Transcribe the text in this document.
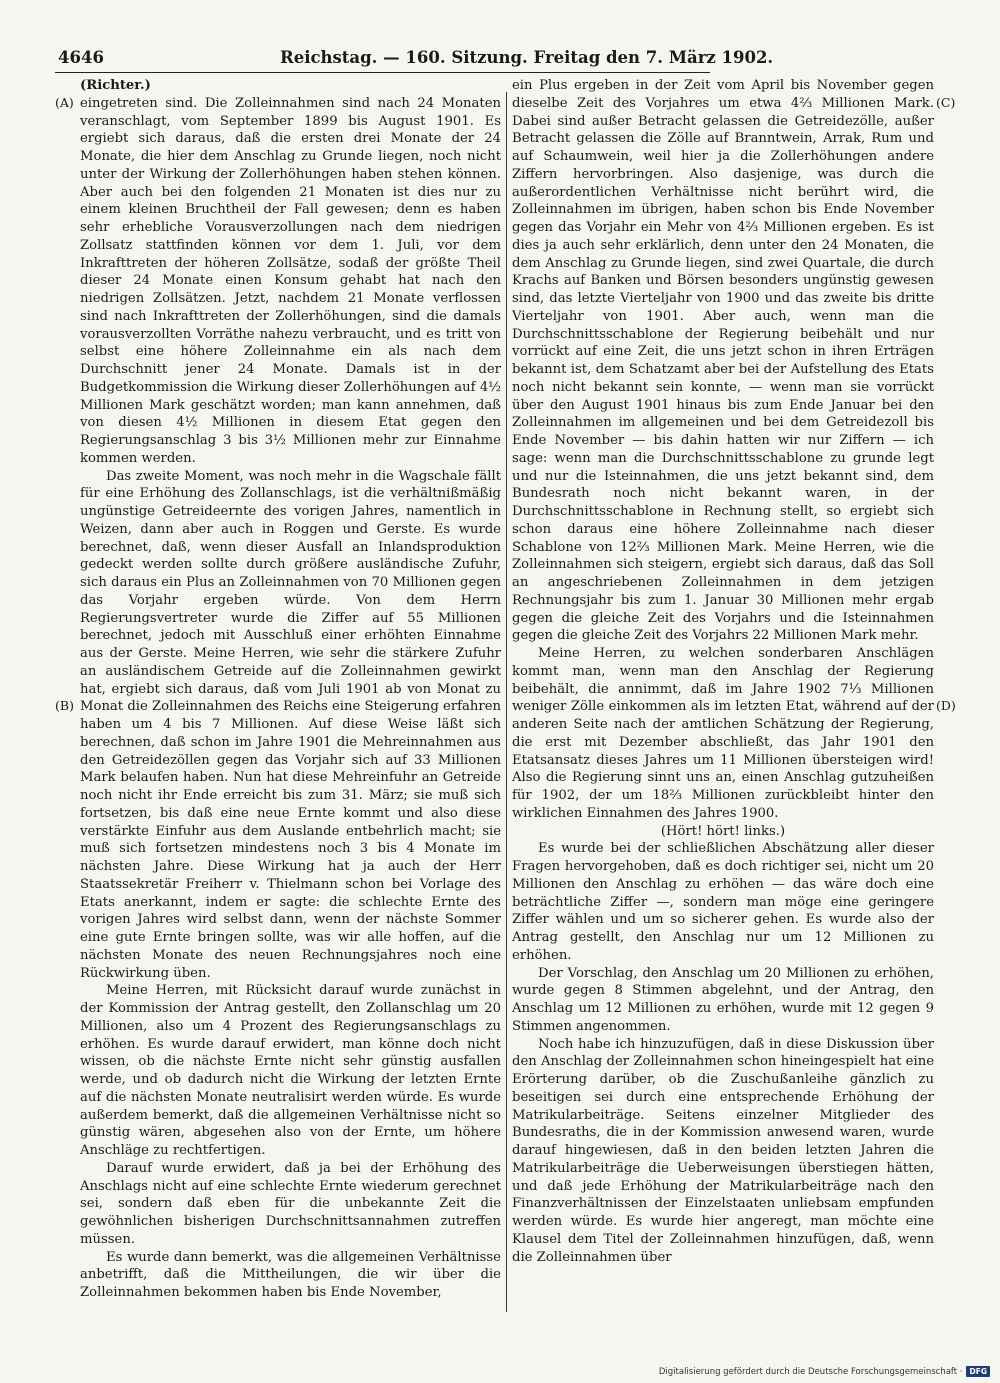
4646	Reichstag. — 160. Sitzung. Freitag den 7. März 1902.
(A)
(B)
(C)
(D)

(Richter.)

eingetreten sind. Die Zolleinnahmen sind nach 24 Monaten veranschlagt, vom September 1899 bis August 1901. Es ergiebt sich daraus, daß die ersten drei Monate der 24 Monate, die hier dem Anschlag zu Grunde liegen, noch nicht unter der Wirkung der Zollerhöhungen haben stehen können. Aber auch bei den folgenden 21 Monaten ist dies nur zu einem kleinen Bruchtheil der Fall gewesen; denn es haben sehr erhebliche Vorausverzollungen nach dem niedrigen Zollsatz stattfinden können vor dem 1. Juli, vor dem Inkrafttreten der höheren Zollsätze, sodaß der größte Theil dieser 24 Monate einen Konsum gehabt hat nach den niedrigen Zollsätzen. Jetzt, nachdem 21 Monate verflossen sind nach Inkrafttreten der Zollerhöhungen, sind die damals vorausverzollten Vorräthe nahezu verbraucht, und es tritt von selbst eine höhere Zolleinnahme ein als nach dem Durchschnitt jener 24 Monate. Damals ist in der Budgetkommission die Wirkung dieser Zollerhöhungen auf 4½ Millionen Mark geschätzt worden; man kann annehmen, daß von diesen 4½ Millionen in diesem Etat gegen den Regierungsanschlag 3 bis 3½ Millionen mehr zur Einnahme kommen werden.

Das zweite Moment, was noch mehr in die Wagschale fällt für eine Erhöhung des Zollanschlags, ist die verhältnißmäßig ungünstige Getreideernte des vorigen Jahres, namentlich in Weizen, dann aber auch in Roggen und Gerste. Es wurde berechnet, daß, wenn dieser Ausfall an Inlandsproduktion gedeckt werden sollte durch größere ausländische Zufuhr, sich daraus ein Plus an Zolleinnahmen von 70 Millionen gegen das Vorjahr ergeben würde. Von dem Herrn Regierungsvertreter wurde die Ziffer auf 55 Millionen berechnet, jedoch mit Ausschluß einer erhöhten Einnahme aus der Gerste. Meine Herren, wie sehr die stärkere Zufuhr an ausländischem Getreide auf die Zolleinnahmen gewirkt hat, ergiebt sich daraus, daß vom Juli 1901 ab von Monat zu Monat die Zolleinnahmen des Reichs eine Steigerung erfahren haben um 4 bis 7 Millionen. Auf diese Weise läßt sich berechnen, daß schon im Jahre 1901 die Mehreinnahmen aus den Getreidezöllen gegen das Vorjahr sich auf 33 Millionen Mark belaufen haben. Nun hat diese Mehreinfuhr an Getreide noch nicht ihr Ende erreicht bis zum 31. März; sie muß sich fortsetzen, bis daß eine neue Ernte kommt und also diese verstärkte Einfuhr aus dem Auslande entbehrlich macht; sie muß sich fortsetzen mindestens noch 3 bis 4 Monate im nächsten Jahre. Diese Wirkung hat ja auch der Herr Staatssekretär Freiherr v. Thielmann schon bei Vorlage des Etats anerkannt, indem er sagte: die schlechte Ernte des vorigen Jahres wird selbst dann, wenn der nächste Sommer eine gute Ernte bringen sollte, was wir alle hoffen, auf die nächsten Monate des neuen Rechnungsjahres noch eine Rückwirkung üben.

Meine Herren, mit Rücksicht darauf wurde zunächst in der Kommission der Antrag gestellt, den Zollanschlag um 20 Millionen, also um 4 Prozent des Regierungsanschlags zu erhöhen. Es wurde darauf erwidert, man könne doch nicht wissen, ob die nächste Ernte nicht sehr günstig ausfallen werde, und ob dadurch nicht die Wirkung der letzten Ernte auf die nächsten Monate neutralisirt werden würde. Es wurde außerdem bemerkt, daß die allgemeinen Verhältnisse nicht so günstig wären, abgesehen also von der Ernte, um höhere Anschläge zu rechtfertigen.

Darauf wurde erwidert, daß ja bei der Erhöhung des Anschlags nicht auf eine schlechte Ernte wiederum gerechnet sei, sondern daß eben für die unbekannte Zeit die gewöhnlichen bisherigen Durchschnittsannahmen zutreffen müssen.

Es wurde dann bemerkt, was die allgemeinen Verhältnisse anbetrifft, daß die Mittheilungen, die wir über die Zolleinnahmen bekommen haben bis Ende November,

ein Plus ergeben in der Zeit vom April bis November gegen dieselbe Zeit des Vorjahres um etwa 4⅔ Millionen Mark. Dabei sind außer Betracht gelassen die Getreidezölle, außer Betracht gelassen die Zölle auf Branntwein, Arrak, Rum und auf Schaumwein, weil hier ja die Zollerhöhungen andere Ziffern hervorbringen. Also dasjenige, was durch die außerordentlichen Verhältnisse nicht berührt wird, die Zolleinnahmen im übrigen, haben schon bis Ende November gegen das Vorjahr ein Mehr von 4⅔ Millionen ergeben. Es ist dies ja auch sehr erklärlich, denn unter den 24 Monaten, die dem Anschlag zu Grunde liegen, sind zwei Quartale, die durch Krachs auf Banken und Börsen besonders ungünstig gewesen sind, das letzte Vierteljahr von 1900 und das zweite bis dritte Vierteljahr von 1901. Aber auch, wenn man die Durchschnittsschablone der Regierung beibehält und nur vorrückt auf eine Zeit, die uns jetzt schon in ihren Erträgen bekannt ist, dem Schatzamt aber bei der Aufstellung des Etats noch nicht bekannt sein konnte, — wenn man sie vorrückt über den August 1901 hinaus bis zum Ende Januar bei den Zolleinnahmen im allgemeinen und bei dem Getreidezoll bis Ende November — bis dahin hatten wir nur Ziffern — ich sage: wenn man die Durchschnittsschablone zu grunde legt und nur die Isteinnahmen, die uns jetzt bekannt sind, dem Bundesrath noch nicht bekannt waren, in der Durchschnittsschablone in Rechnung stellt, so ergiebt sich schon daraus eine höhere Zolleinnahme nach dieser Schablone von 12⅔ Millionen Mark. Meine Herren, wie die Zolleinnahmen sich steigern, ergiebt sich daraus, daß das Soll an angeschriebenen Zolleinnahmen in dem jetzigen Rechnungsjahr bis zum 1. Januar 30 Millionen mehr ergab gegen die gleiche Zeit des Vorjahrs und die Isteinnahmen gegen die gleiche Zeit des Vorjahrs 22 Millionen Mark mehr.

Meine Herren, zu welchen sonderbaren Anschlägen kommt man, wenn man den Anschlag der Regierung beibehält, die annimmt, daß im Jahre 1902 7⅓ Millionen weniger Zölle einkommen als im letzten Etat, während auf der anderen Seite nach der amtlichen Schätzung der Regierung, die erst mit Dezember abschließt, das Jahr 1901 den Etatsansatz dieses Jahres um 11 Millionen übersteigen wird! Also die Regierung sinnt uns an, einen Anschlag gutzuheißen für 1902, der um 18⅔ Millionen zurückbleibt hinter den wirklichen Einnahmen des Jahres 1900.

(Hört! hört! links.)

Es wurde bei der schließlichen Abschätzung aller dieser Fragen hervorgehoben, daß es doch richtiger sei, nicht um 20 Millionen den Anschlag zu erhöhen — das wäre doch eine beträchtliche Ziffer —, sondern man möge eine geringere Ziffer wählen und um so sicherer gehen. Es wurde also der Antrag gestellt, den Anschlag nur um 12 Millionen zu erhöhen.

Der Vorschlag, den Anschlag um 20 Millionen zu erhöhen, wurde gegen 8 Stimmen abgelehnt, und der Antrag, den Anschlag um 12 Millionen zu erhöhen, wurde mit 12 gegen 9 Stimmen angenommen.

Noch habe ich hinzuzufügen, daß in diese Diskussion über den Anschlag der Zolleinnahmen schon hineingespielt hat eine Erörterung darüber, ob die Zuschußanleihe gänzlich zu beseitigen sei durch eine entsprechende Erhöhung der Matrikularbeiträge. Seitens einzelner Mitglieder des Bundesraths, die in der Kommission anwesend waren, wurde darauf hingewiesen, daß in den beiden letzten Jahren die Matrikularbeiträge die Ueberweisungen überstiegen hätten, und daß jede Erhöhung der Matrikularbeiträge nach den Finanzverhältnissen der Einzelstaaten unliebsam empfunden werden würde. Es wurde hier angeregt, man möchte eine Klausel dem Titel der Zolleinnahmen hinzufügen, daß, wenn die Zolleinnahmen über

Digitalisierung gefördert durch die Deutsche Forschungsgemeinschaft · DFG
